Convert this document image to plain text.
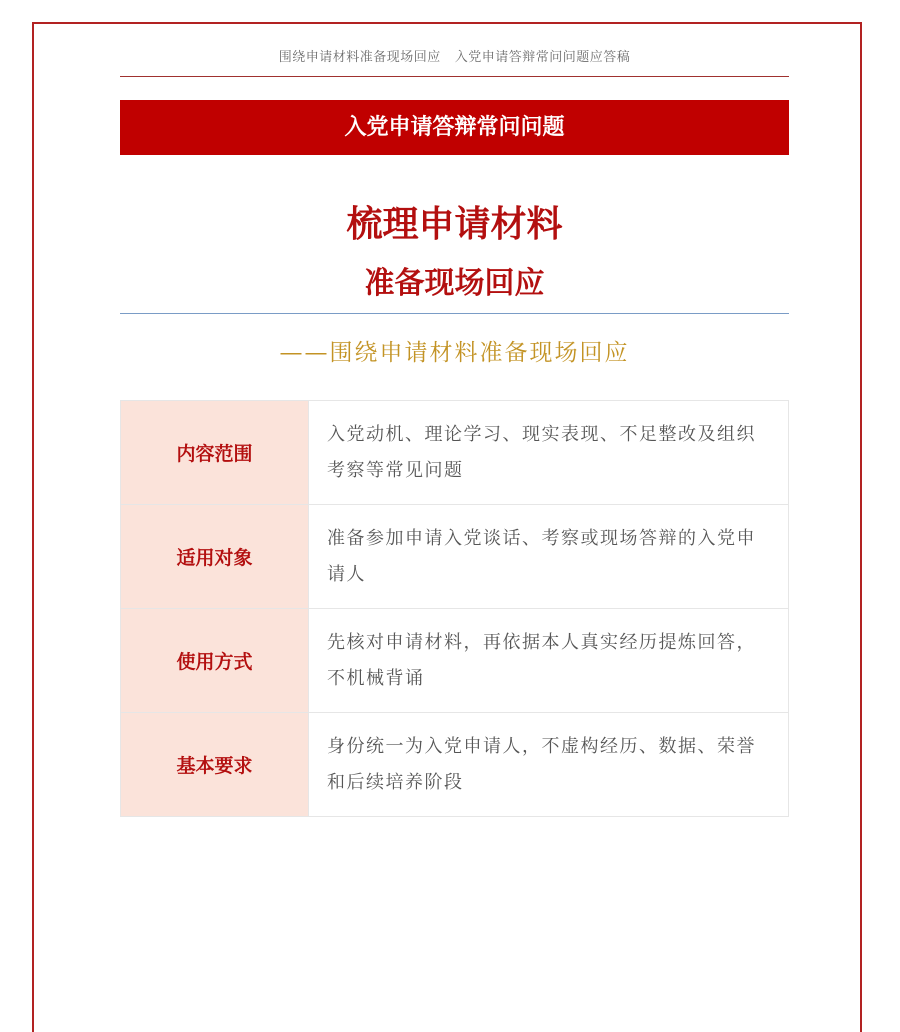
围绕申请材料准备现场回应 入党申请答辩常问问题应答稿
入党申请答辩常问问题
梳理申请材料
准备现场回应
——围绕申请材料准备现场回应
内容范围	入党动机、理论学习、现实表现、不足整改及组织考察等常见问题
适用对象	准备参加申请入党谈话、考察或现场答辩的入党申请人
使用方式	先核对申请材料，再依据本人真实经历提炼回答，不机械背诵
基本要求	身份统一为入党申请人，不虚构经历、数据、荣誉和后续培养阶段
